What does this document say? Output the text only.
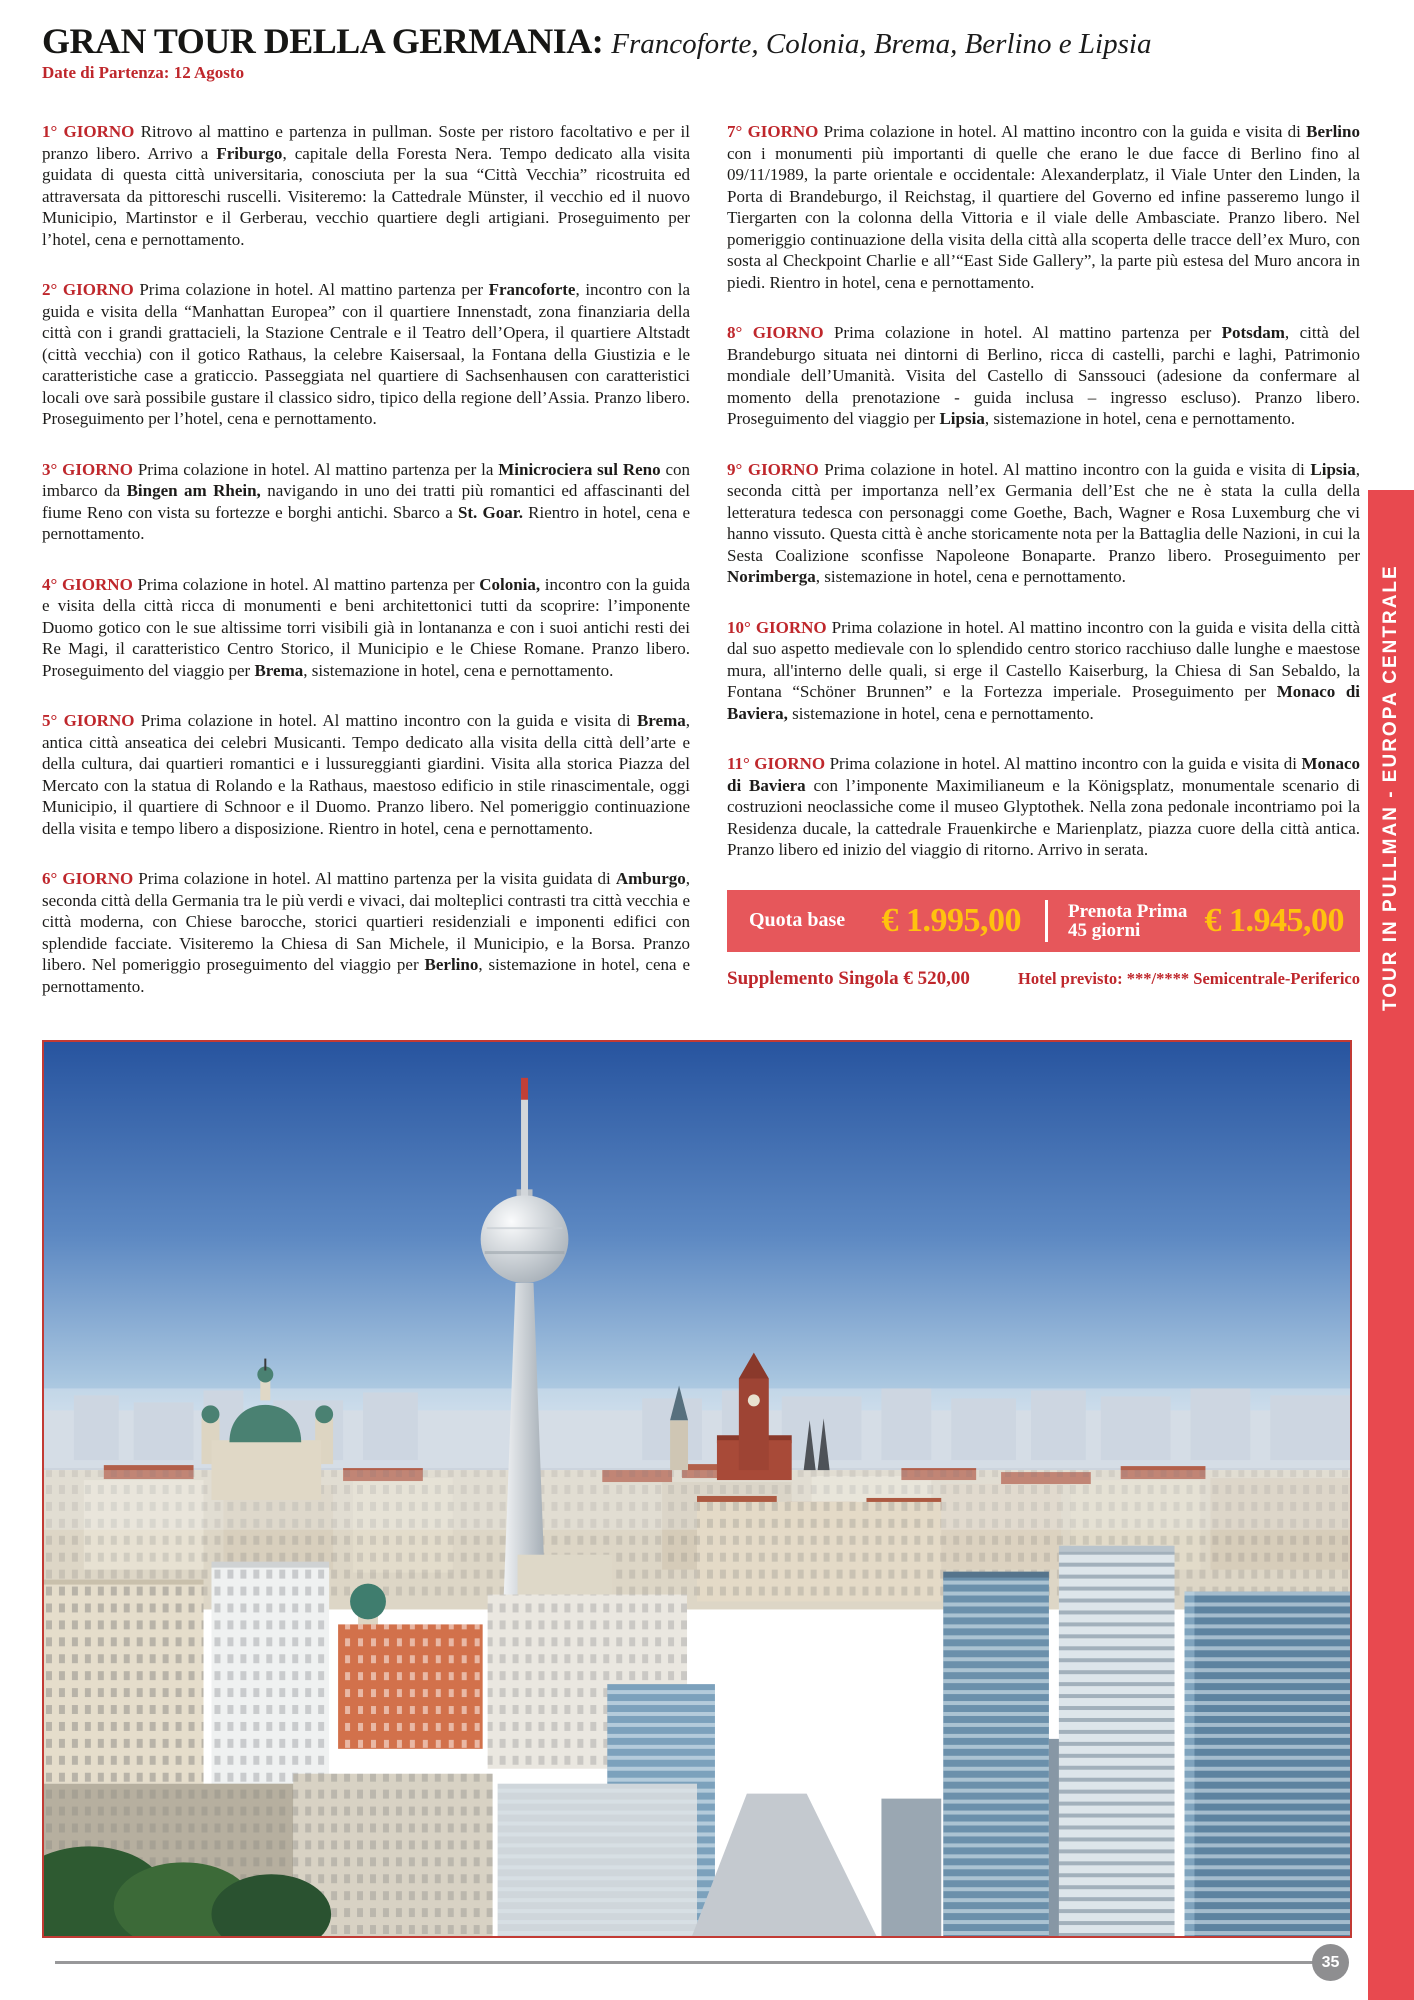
GRAN TOUR DELLA GERMANIA: Francoforte, Colonia, Brema, Berlino e Lipsia
Date di Partenza: 12 Agosto

1° GIORNO Ritrovo al mattino e partenza in pullman. Soste per ristoro facoltativo e per il pranzo libero. Arrivo a Friburgo, capitale della Foresta Nera. Tempo dedicato alla visita guidata di questa città universitaria, conosciuta per la sua “Città Vecchia” ricostruita ed attraversata da pittoreschi ruscelli. Visiteremo: la Cattedrale Münster, il vecchio ed il nuovo Municipio, Martinstor e il Gerberau, vecchio quartiere degli artigiani. Proseguimento per l’hotel, cena e pernottamento.

2° GIORNO Prima colazione in hotel. Al mattino partenza per Francoforte, incontro con la guida e visita della “Manhattan Europea” con il quartiere Innenstadt, zona finanziaria della città con i grandi grattacieli, la Stazione Centrale e il Teatro dell’Opera, il quartiere Altstadt (città vecchia) con il gotico Rathaus, la celebre Kaisersaal, la Fontana della Giustizia e le caratteristiche case a graticcio. Passeggiata nel quartiere di Sachsenhausen con caratteristici locali ove sarà possibile gustare il classico sidro, tipico della regione dell’Assia. Pranzo libero. Proseguimento per l’hotel, cena e pernottamento.

3° GIORNO Prima colazione in hotel. Al mattino partenza per la Minicrociera sul Reno con imbarco da Bingen am Rhein, navigando in uno dei tratti più romantici ed affascinanti del fiume Reno con vista su fortezze e borghi antichi. Sbarco a St. Goar. Rientro in hotel, cena e pernottamento.

4° GIORNO Prima colazione in hotel. Al mattino partenza per Colonia, incontro con la guida e visita della città ricca di monumenti e beni architettonici tutti da scoprire: l’imponente Duomo gotico con le sue altissime torri visibili già in lontananza e con i suoi antichi resti dei Re Magi, il caratteristico Centro Storico, il Municipio e le Chiese Romane. Pranzo libero. Proseguimento del viaggio per Brema, sistemazione in hotel, cena e pernottamento.

5° GIORNO Prima colazione in hotel. Al mattino incontro con la guida e visita di Brema, antica città anseatica dei celebri Musicanti. Tempo dedicato alla visita della città dell’arte e della cultura, dai quartieri romantici e i lussureggianti giardini. Visita alla storica Piazza del Mercato con la statua di Rolando e la Rathaus, maestoso edificio in stile rinascimentale, oggi Municipio, il quartiere di Schnoor e il Duomo. Pranzo libero. Nel pomeriggio continuazione della visita e tempo libero a disposizione. Rientro in hotel, cena e pernottamento.

6° GIORNO Prima colazione in hotel. Al mattino partenza per la visita guidata di Amburgo, seconda città della Germania tra le più verdi e vivaci, dai molteplici contrasti tra città vecchia e città moderna, con Chiese barocche, storici quartieri residenziali e imponenti edifici con splendide facciate. Visiteremo la Chiesa di San Michele, il Municipio, e la Borsa. Pranzo libero. Nel pomeriggio proseguimento del viaggio per Berlino, sistemazione in hotel, cena e pernottamento.

7° GIORNO Prima colazione in hotel. Al mattino incontro con la guida e visita di Berlino con i monumenti più importanti di quelle che erano le due facce di Berlino fino al 09/11/1989, la parte orientale e occidentale: Alexanderplatz, il Viale Unter den Linden, la Porta di Brandeburgo, il Reichstag, il quartiere del Governo ed infine passeremo lungo il Tiergarten con la colonna della Vittoria e il viale delle Ambasciate. Pranzo libero. Nel pomeriggio continuazione della visita della città alla scoperta delle tracce dell’ex Muro, con sosta al Checkpoint Charlie e all’“East Side Gallery”, la parte più estesa del Muro ancora in piedi. Rientro in hotel, cena e pernottamento.

8° GIORNO Prima colazione in hotel. Al mattino partenza per Potsdam, città del Brandeburgo situata nei dintorni di Berlino, ricca di castelli, parchi e laghi, Patrimonio mondiale dell’Umanità. Visita del Castello di Sanssouci (adesione da confermare al momento della prenotazione - guida inclusa – ingresso escluso). Pranzo libero. Proseguimento del viaggio per Lipsia, sistemazione in hotel, cena e pernottamento.

9° GIORNO Prima colazione in hotel. Al mattino incontro con la guida e visita di Lipsia, seconda città per importanza nell’ex Germania dell’Est che ne è stata la culla della letteratura tedesca con personaggi come Goethe, Bach, Wagner e Rosa Luxemburg che vi hanno vissuto. Questa città è anche storicamente nota per la Battaglia delle Nazioni, in cui la Sesta Coalizione sconfisse Napoleone Bonaparte. Pranzo libero. Proseguimento per Norimberga, sistemazione in hotel, cena e pernottamento.

10° GIORNO Prima colazione in hotel. Al mattino incontro con la guida e visita della città dal suo aspetto medievale con lo splendido centro storico racchiuso dalle lunghe e maestose mura, all'interno delle quali, si erge il Castello Kaiserburg, la Chiesa di San Sebaldo, la Fontana “Schöner Brunnen” e la Fortezza imperiale. Proseguimento per Monaco di Baviera, sistemazione in hotel, cena e pernottamento.

11° GIORNO Prima colazione in hotel. Al mattino incontro con la guida e visita di Monaco di Baviera con l’imponente Maximilianeum e la Königsplatz, monumentale scenario di costruzioni neoclassiche come il museo Glyptothek. Nella zona pedonale incontriamo poi la Residenza ducale, la cattedrale Frauenkirche e Marienplatz, piazza cuore della città antica. Pranzo libero ed inizio del viaggio di ritorno. Arrivo in serata.

Quota base € 1.995,00 Prenota Prima
45 giorni	€ 1.945,00
Supplemento Singola € 520,00	Hotel previsto: ***/**** Semicentrale-Periferico	TOUR IN PULLMAN - EUROPA CENTRALE
35
